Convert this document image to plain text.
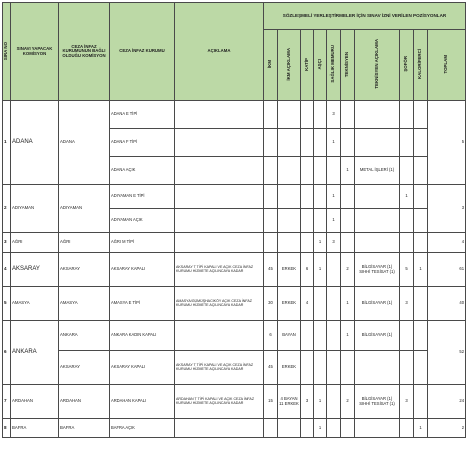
SIRA NO	SINAVI YAPACAK KOMİSYON	CEZA İNFAZ KURUMUNUN BAĞLI OLDUĞU KOMİSYON	CEZA İNFAZ KURUMU	AÇIKLAMA	SÖZLEŞMELİ YERLEŞTİRMELER İÇİN SINAV İZNİ VERİLEN POZİSYONLAR									
					İKM	İKM AÇIKLAMA	KATİP	AŞÇI	SAĞLIK MEMURU	TEKNİSYEN	TEKNİSYEN AÇIKLAMA	ŞOFÖR	KALORİFERCİ	TOPLAM
1	ADANA	ADANA	ADANA E TİPİ						3					5
			ADANA F TİPİ						1					
			ADANA AÇIK							1	METAL İŞLERİ (1)			
2	ADIYAMAN	ADIYAMAN	ADIYAMAN E TİPİ						1			1		3
			ADIYAMAN AÇIK						1					
3	AĞRI	AĞRI	AĞRI M TİPİ					1	3					4
4	AKSARAY	AKSARAY	AKSARAY KAPALI	AKSARAY T TİPİ KAPALI VE AÇIK CEZA İNFAZ KURUMU HİZMETE AÇILINCAYA KADAR	45	ERKEK	6	1		2	BİLGİSAYAR (1) SIHHİ TESİSAT (1)	5	1	61
5	AMASYA	AMASYA	AMASYA E TİPİ	AMASYA/GÜMÜŞHACIKÖY AÇIK CEZA İNFAZ KURUMU HİZMETE AÇILINCAYA KADAR	30	ERKEK	4			1	BİLGİSAYAR (1)	3		40
6	ANKARA	ANKARA	ANKARA KADIN KAPALI		6	BAYAN				1	BİLGİSAYAR (1)			52
		AKSARAY	AKSARAY KAPALI	AKSARAY T TİPİ KAPALI VE AÇIK CEZA İNFAZ KURUMU HİZMETE AÇILINCAYA KADAR	45	ERKEK								
7	ARDAHAN	ARDAHAN	ARDAHAN KAPALI	ARDAHAN T TİPİ KAPALI VE AÇIK CEZA İNFAZ KURUMU HİZMETE AÇILINCAYA KADAR	15	4 BAYAN 11 ERKEK	3	1		2	BİLGİSAYAR (1) SIHHİ TESİSAT (1)	3		24
8	BAFRA	BAFRA	BAFRA AÇIK					1					1	2
